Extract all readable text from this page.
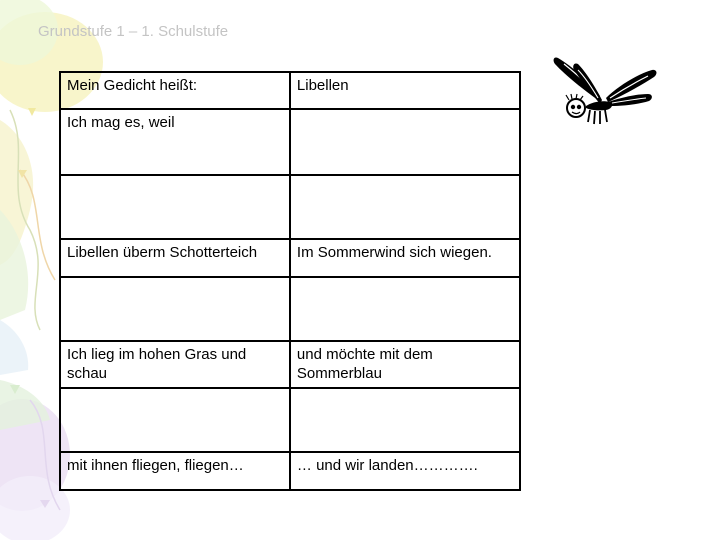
Grundstufe 1 – 1. Schulstufe
Mein Gedicht heißt:	Libellen
Ich mag es, weil	

Libellen überm Schotterteich	Im Sommerwind sich wiegen.

Ich lieg im hohen Gras und schau	und möchte mit dem Sommerblau

mit ihnen fliegen, fliegen…	… und wir landen………….
